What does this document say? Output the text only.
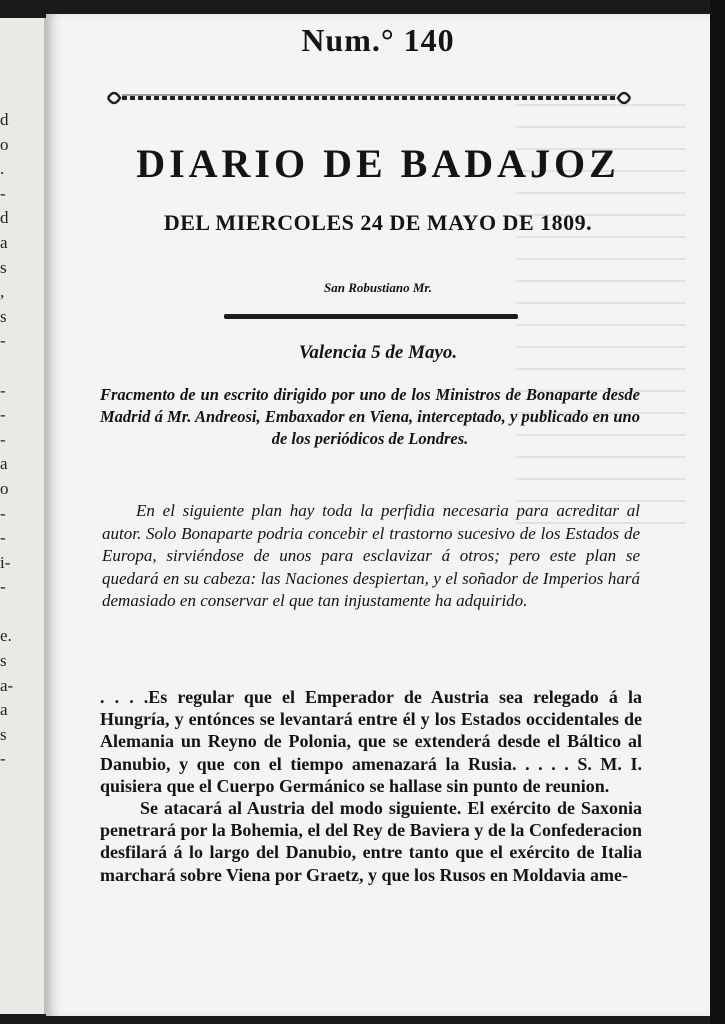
d
o
.
-
d
a
s
,
s
-

-
-
-
a
o
-
-
i-
-

e.
s
a-
a
s
-
Num.° 140
DIARIO DE BADAJOZ
DEL MIERCOLES 24 DE MAYO DE 1809.
San Robustiano Mr.
Valencia 5 de Mayo.
Fracmento de un escrito dirigido por uno de los Ministros de Bonaparte desde Madrid á Mr. Andreosi, Embaxador en Viena, interceptado, y publicado en uno de los periódicos de Londres.

En el siguiente plan hay toda la perfidia necesaria para acreditar al autor. Solo Bonaparte podria concebir el trastorno sucesivo de los Estados de Europa, sirviéndose de unos para esclavizar á otros; pero este plan se quedará en su cabeza: las Naciones despiertan, y el soñador de Imperios hará demasiado en conservar el que tan injustamente ha adquirido.

. . . .Es regular que el Emperador de Austria sea relegado á la Hungría, y entónces se levantará entre él y los Estados occidentales de Alemania un Reyno de Polonia, que se extenderá desde el Báltico al Danubio, y que con el tiempo amenazará la Rusia. . . . . S. M. I. quisiera que el Cuerpo Germánico se hallase sin punto de reunion.

Se atacará al Austria del modo siguiente. El exército de Saxonia penetrará por la Bohemia, el del Rey de Baviera y de la Confederacion desfilará á lo largo del Danubio, entre tanto que el exército de Italia marchará sobre Viena por Graetz, y que los Rusos en Moldavia ame-
